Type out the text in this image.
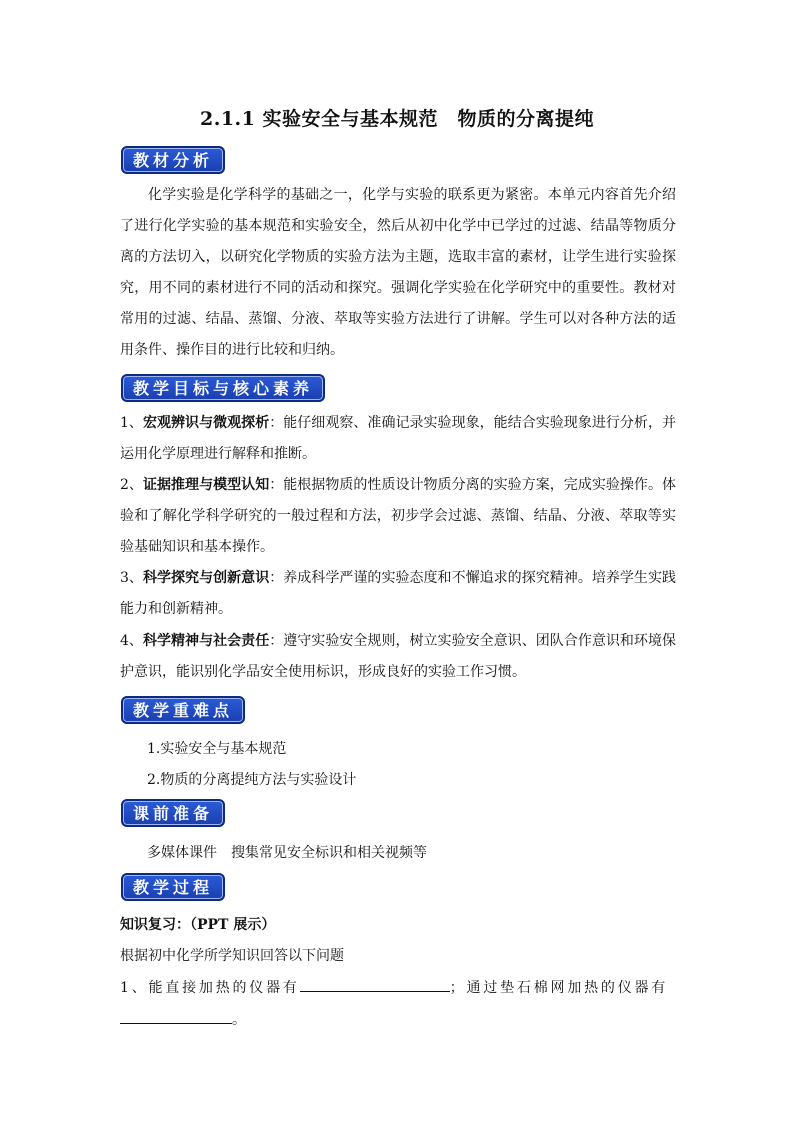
2.1.1 实验安全与基本规范　物质的分离提纯
教材分析

化学实验是化学科学的基础之一，化学与实验的联系更为紧密。本单元内容首先介绍了进行化学实验的基本规范和实验安全，然后从初中化学中已学过的过滤、结晶等物质分离的方法切入，以研究化学物质的实验方法为主题，选取丰富的素材，让学生进行实验探究，用不同的素材进行不同的活动和探究。强调化学实验在化学研究中的重要性。教材对常用的过滤、结晶、蒸馏、分液、萃取等实验方法进行了讲解。学生可以对各种方法的适用条件、操作目的进行比较和归纳。

教学目标与核心素养

1、宏观辨识与微观探析：能仔细观察、准确记录实验现象，能结合实验现象进行分析，并运用化学原理进行解释和推断。

2、证据推理与模型认知：能根据物质的性质设计物质分离的实验方案，完成实验操作。体验和了解化学科学研究的一般过程和方法，初步学会过滤、蒸馏、结晶、分液、萃取等实验基础知识和基本操作。

3、科学探究与创新意识：养成科学严谨的实验态度和不懈追求的探究精神。培养学生实践能力和创新精神。

4、科学精神与社会责任：遵守实验安全规则，树立实验安全意识、团队合作意识和环境保护意识，能识别化学品安全使用标识，形成良好的实验工作习惯。

教学重难点
1.实验安全与基本规范
2.物质的分离提纯方法与实验设计
课前准备
多媒体课件　搜集常见安全标识和相关视频等
教学过程
知识复习：（PPT 展示）
根据初中化学所学知识回答以下问题
1、能直接加热的仪器有	；通过垫石棉网加热的仪器有
。
